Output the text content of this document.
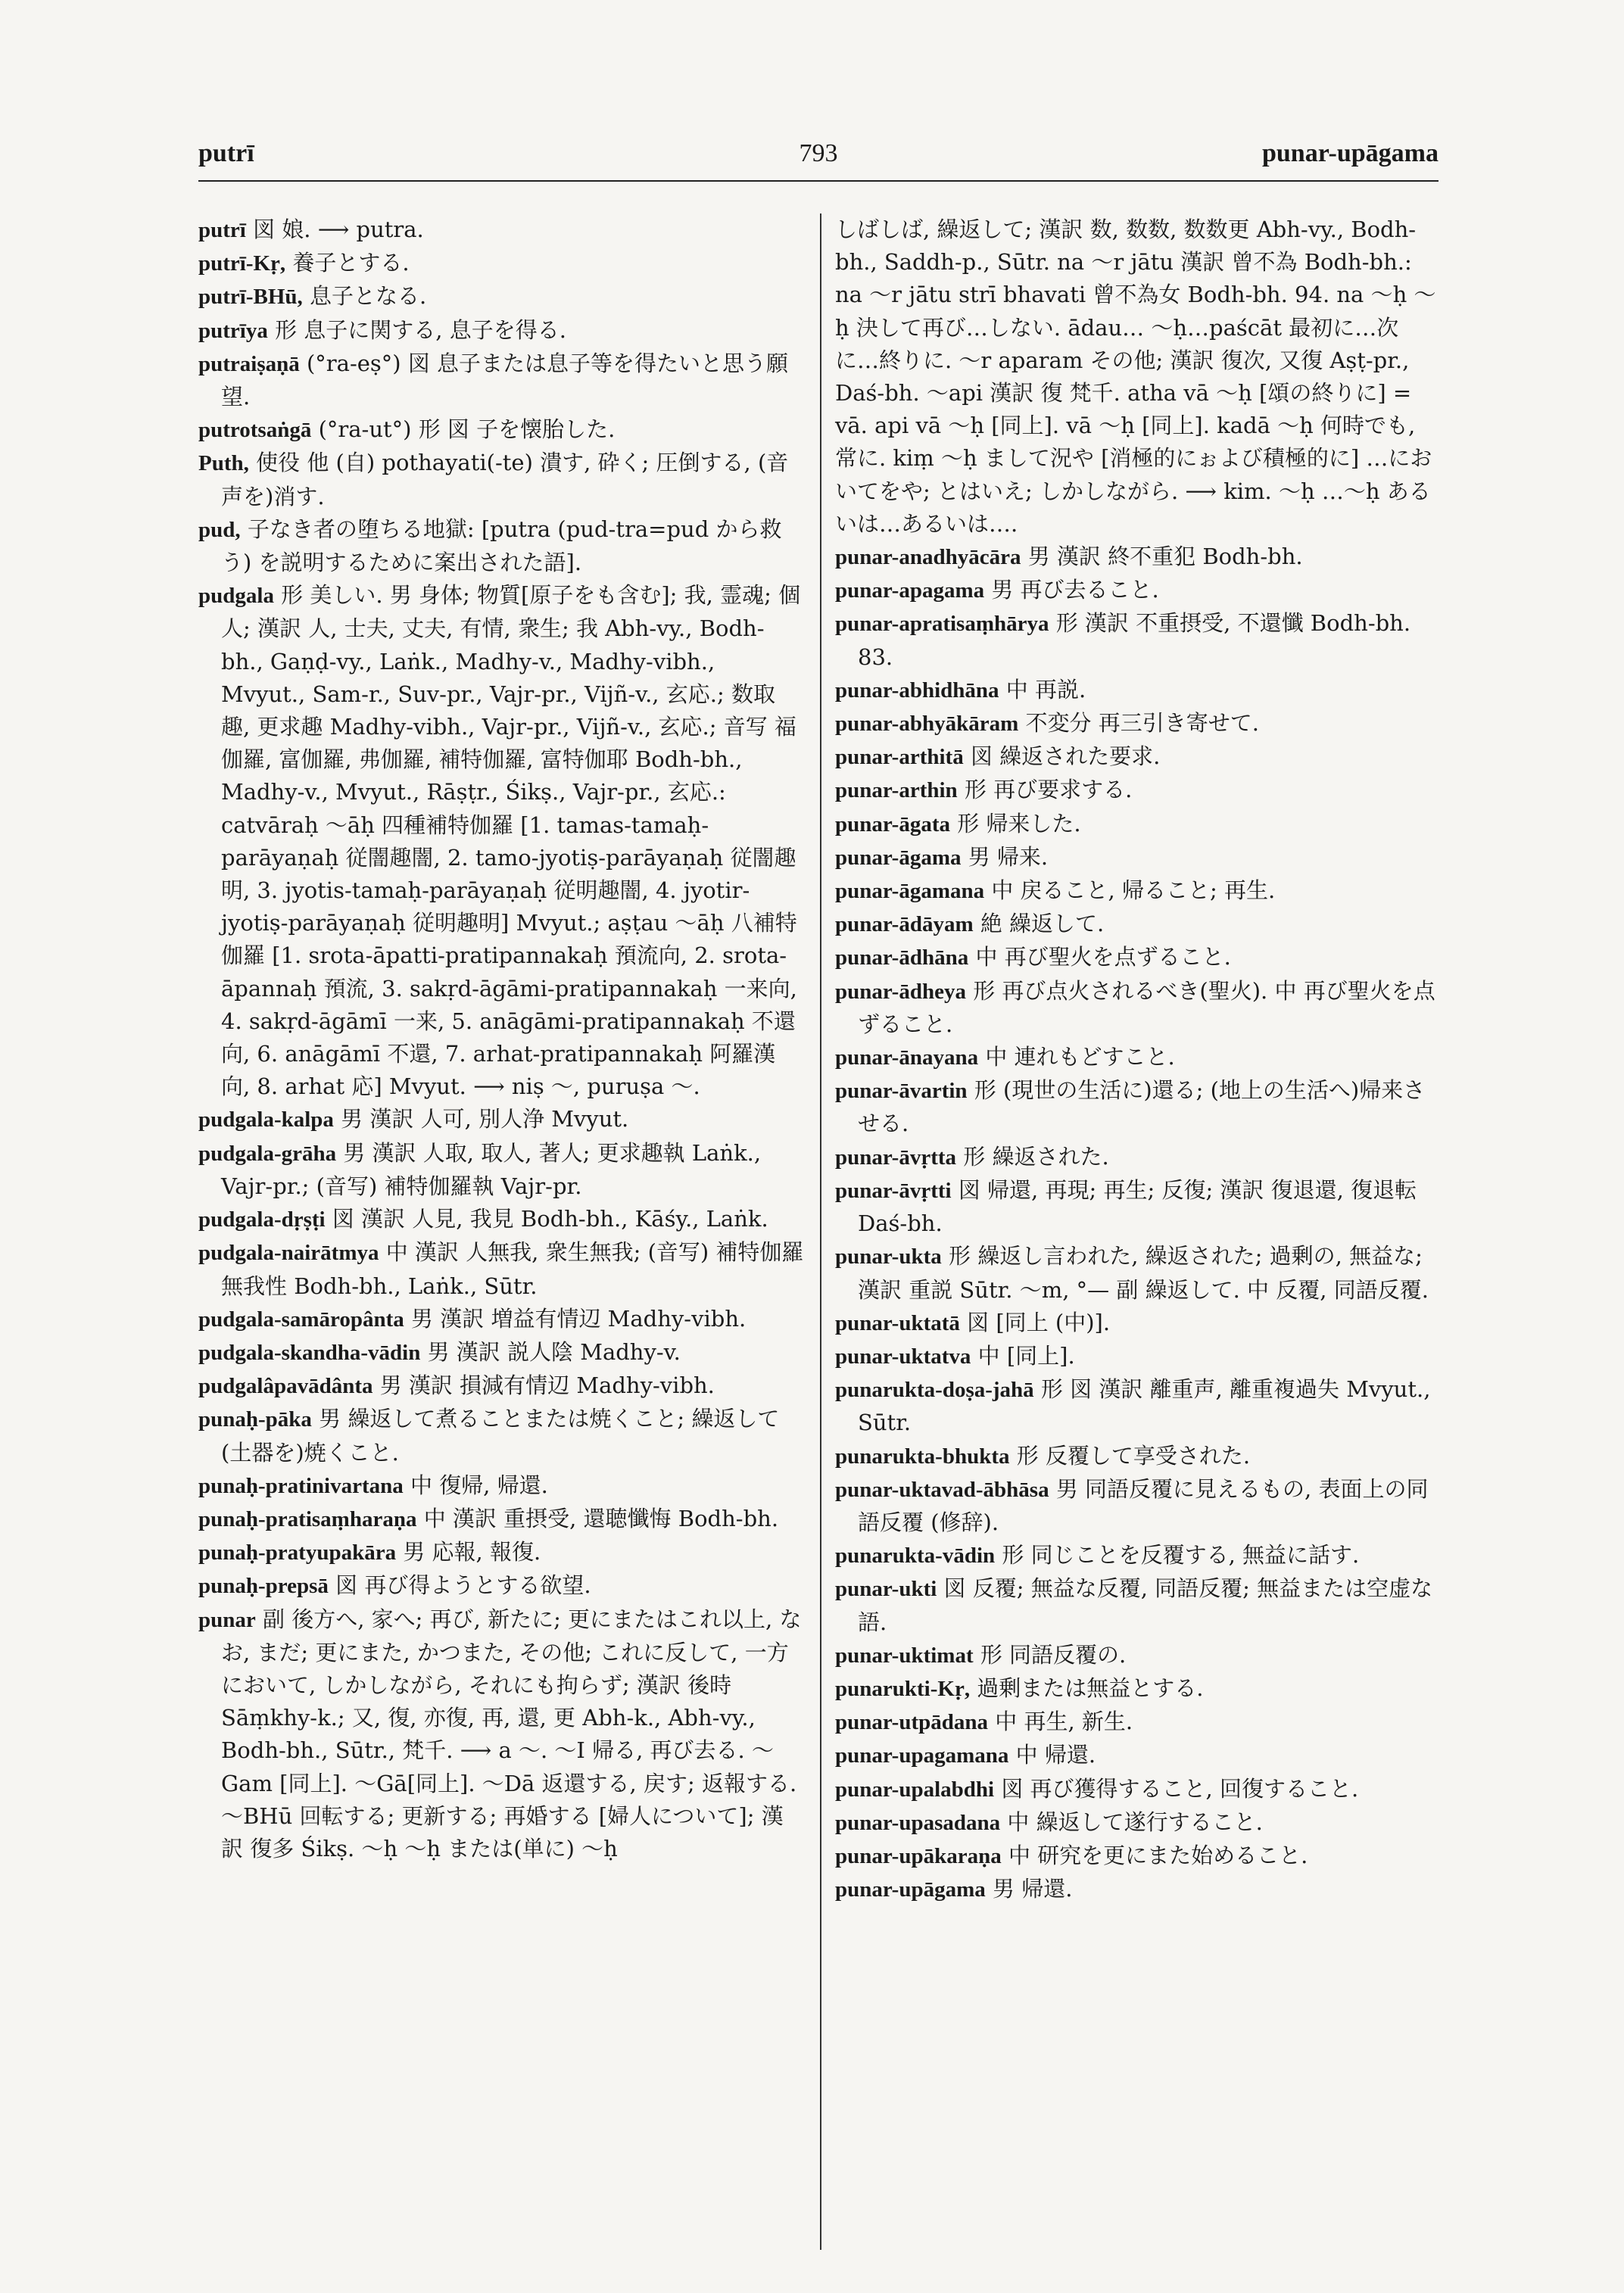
putrī	793	punar-upāgama

putrī 図 娘. ⟶ putra.

putrī-Kṛ, 養子とする.

putrī-BHū, 息子となる.

putrīya 形 息子に関する, 息子を得る.

putraiṣaṇā (°ra-eṣ°) 図 息子または息子等を得たいと思う願望.

putrotsaṅgā (°ra-ut°) 形 図 子を懐胎した.

Puth, 使役 他 (自) pothayati(-te) 潰す, 砕く; 圧倒する, (音声を)消す.

pud, 子なき者の堕ちる地獄: [putra (pud-tra=pud から救う) を説明するために案出された語].

pudgala 形 美しい. 男 身体; 物質[原子をも含む]; 我, 霊魂; 個人; 漢訳 人, 士夫, 丈夫, 有情, 衆生; 我 Abh-vy., Bodh-bh., Gaṇḍ-vy., Laṅk., Madhy-v., Madhy-vibh., Mvyut., Sam-r., Suv-pr., Vajr-pr., Vijñ-v., 玄応.; 数取趣, 更求趣 Madhy-vibh., Vajr-pr., Vijñ-v., 玄応.; 音写 福伽羅, 富伽羅, 弗伽羅, 補特伽羅, 富特伽耶 Bodh-bh., Madhy-v., Mvyut., Rāṣṭr., Śikṣ., Vajr-pr., 玄応.: catvāraḥ ～āḥ 四種補特伽羅 [1. tamas-tamaḥ-parāyaṇaḥ 従闇趣闇, 2. tamo-jyotiṣ-parāyaṇaḥ 従闇趣明, 3. jyotis-tamaḥ-parāyaṇaḥ 従明趣闇, 4. jyotir-jyotiṣ-parāyaṇaḥ 従明趣明] Mvyut.; aṣṭau ～āḥ 八補特伽羅 [1. srota-āpatti-pratipannakaḥ 預流向, 2. srota-āpannaḥ 預流, 3. sakṛd-āgāmi-pratipannakaḥ 一来向, 4. sakṛd-āgāmī 一来, 5. anāgāmi-pratipannakaḥ 不還向, 6. anāgāmī 不還, 7. arhat-pratipannakaḥ 阿羅漢向, 8. arhat 応] Mvyut. ⟶ niṣ ～, puruṣa ～.

pudgala-kalpa 男 漢訳 人可, 別人浄 Mvyut.

pudgala-grāha 男 漢訳 人取, 取人, 著人; 更求趣執 Laṅk., Vajr-pr.; (音写) 補特伽羅執 Vajr-pr.

pudgala-dṛṣṭi 図 漢訳 人見, 我見 Bodh-bh., Kāśy., Laṅk.

pudgala-nairātmya 中 漢訳 人無我, 衆生無我; (音写) 補特伽羅無我性 Bodh-bh., Laṅk., Sūtr.

pudgala-samāropânta 男 漢訳 増益有情辺 Madhy-vibh.

pudgala-skandha-vādin 男 漢訳 説人陰 Madhy-v.

pudgalâpavādânta 男 漢訳 損減有情辺 Madhy-vibh.

punaḥ-pāka 男 繰返して煮ることまたは焼くこと; 繰返して(土器を)焼くこと.

punaḥ-pratinivartana 中 復帰, 帰還.

punaḥ-pratisaṃharaṇa 中 漢訳 重摂受, 還聴懺悔 Bodh-bh.

punaḥ-pratyupakāra 男 応報, 報復.

punaḥ-prepsā 図 再び得ようとする欲望.

punar 副 後方へ, 家へ; 再び, 新たに; 更にまたはこれ以上, なお, まだ; 更にまた, かつまた, その他; これに反して, 一方において, しかしながら, それにも拘らず; 漢訳 後時 Sāṃkhy-k.; 又, 復, 亦復, 再, 還, 更 Abh-k., Abh-vy., Bodh-bh., Sūtr., 梵千. ⟶ a ～. ～I 帰る, 再び去る. ～Gam [同上]. ～Gā[同上]. ～Dā 返還する, 戻す; 返報する. ～BHū 回転する; 更新する; 再婚する [婦人について]; 漢訳 復多 Śikṣ. ～ḥ ～ḥ または(単に) ～ḥ

しばしば, 繰返して; 漢訳 数, 数数, 数数更 Abh-vy., Bodh-bh., Saddh-p., Sūtr. na ～r jātu 漢訳 曾不為 Bodh-bh.: na ～r jātu strī bhavati 曾不為女 Bodh-bh. 94. na ～ḥ ～ḥ 決して再び…しない. ādau… ～ḥ…paścāt 最初に…次に…終りに. ～r aparam その他; 漢訳 復次, 又復 Aṣṭ-pr., Daś-bh. ～api 漢訳 復 梵千. atha vā ～ḥ [頌の終りに] = vā. api vā ～ḥ [同上]. vā ～ḥ [同上]. kadā ～ḥ 何時でも, 常に. kiṃ ～ḥ まして況や [消極的にぉよび積極的に] …においてをや; とはいえ; しかしながら. ⟶ kim. ～ḥ …～ḥ あるいは…あるいは….

punar-anadhyācāra 男 漢訳 終不重犯 Bodh-bh.

punar-apagama 男 再び去ること.

punar-apratisaṃhārya 形 漢訳 不重摂受, 不還懺 Bodh-bh. 83.

punar-abhidhāna 中 再説.

punar-abhyākāram 不変分 再三引き寄せて.

punar-arthitā 図 繰返された要求.

punar-arthin 形 再び要求する.

punar-āgata 形 帰来した.

punar-āgama 男 帰来.

punar-āgamana 中 戻ること, 帰ること; 再生.

punar-ādāyam 絶 繰返して.

punar-ādhāna 中 再び聖火を点ずること.

punar-ādheya 形 再び点火されるべき(聖火). 中 再び聖火を点ずること.

punar-ānayana 中 連れもどすこと.

punar-āvartin 形 (現世の生活に)還る; (地上の生活へ)帰来させる.

punar-āvṛtta 形 繰返された.

punar-āvṛtti 図 帰還, 再現; 再生; 反復; 漢訳 復退還, 復退転 Daś-bh.

punar-ukta 形 繰返し言われた, 繰返された; 過剰の, 無益な; 漢訳 重説 Sūtr. ～m, °— 副 繰返して. 中 反覆, 同語反覆.

punar-uktatā 図 [同上 (中)].

punar-uktatva 中 [同上].

punarukta-doṣa-jahā 形 図 漢訳 離重声, 離重複過失 Mvyut., Sūtr.

punarukta-bhukta 形 反覆して享受された.

punar-uktavad-ābhāsa 男 同語反覆に見えるもの, 表面上の同語反覆 (修辞).

punarukta-vādin 形 同じことを反覆する, 無益に話す.

punar-ukti 図 反覆; 無益な反覆, 同語反覆; 無益または空虚な語.

punar-uktimat 形 同語反覆の.

punarukti-Kṛ, 過剰または無益とする.

punar-utpādana 中 再生, 新生.

punar-upagamana 中 帰還.

punar-upalabdhi 図 再び獲得すること, 回復すること.

punar-upasadana 中 繰返して遂行すること.

punar-upākaraṇa 中 研究を更にまた始めること.

punar-upāgama 男 帰還.
